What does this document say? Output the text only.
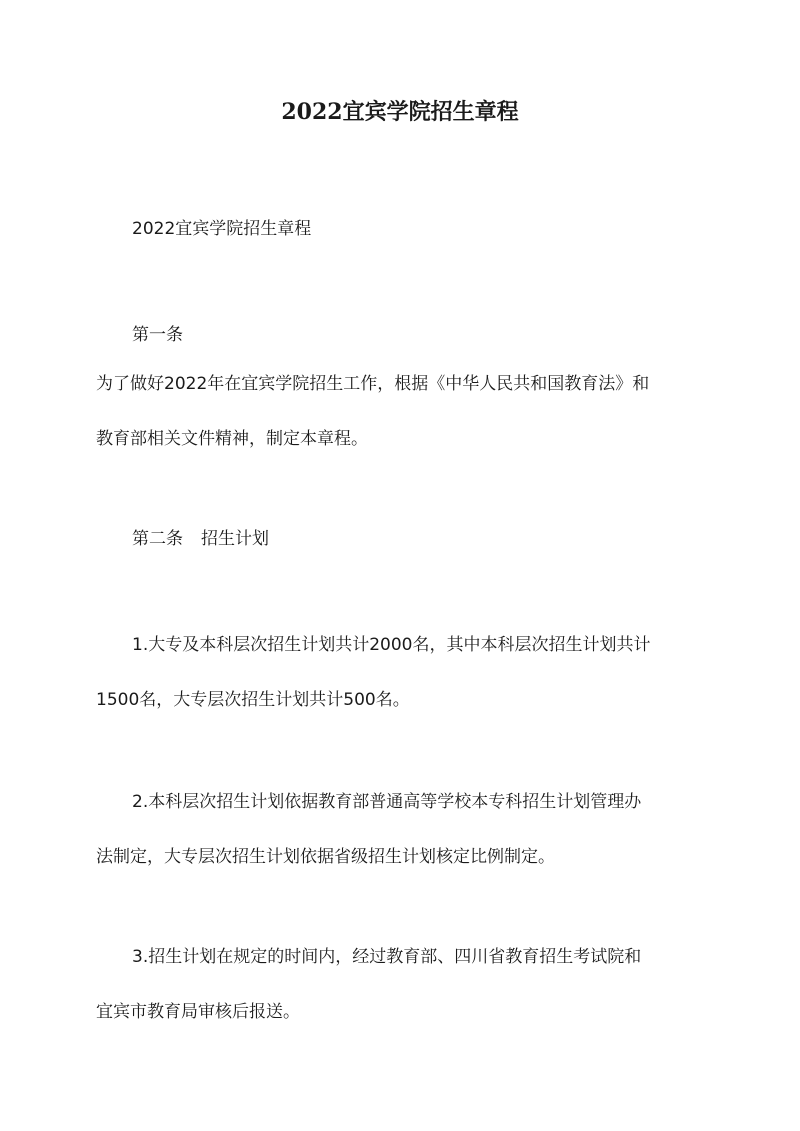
2022宜宾学院招生章程
2022宜宾学院招生章程
第一条
为了做好2022年在宜宾学院招生工作，根据《中华人民共和国教育法》和
教育部相关文件精神，制定本章程。
第二条 招生计划
1.大专及本科层次招生计划共计2000名，其中本科层次招生计划共计
1500名，大专层次招生计划共计500名。
2.本科层次招生计划依据教育部普通高等学校本专科招生计划管理办
法制定，大专层次招生计划依据省级招生计划核定比例制定。
3.招生计划在规定的时间内，经过教育部、四川省教育招生考试院和
宜宾市教育局审核后报送。
